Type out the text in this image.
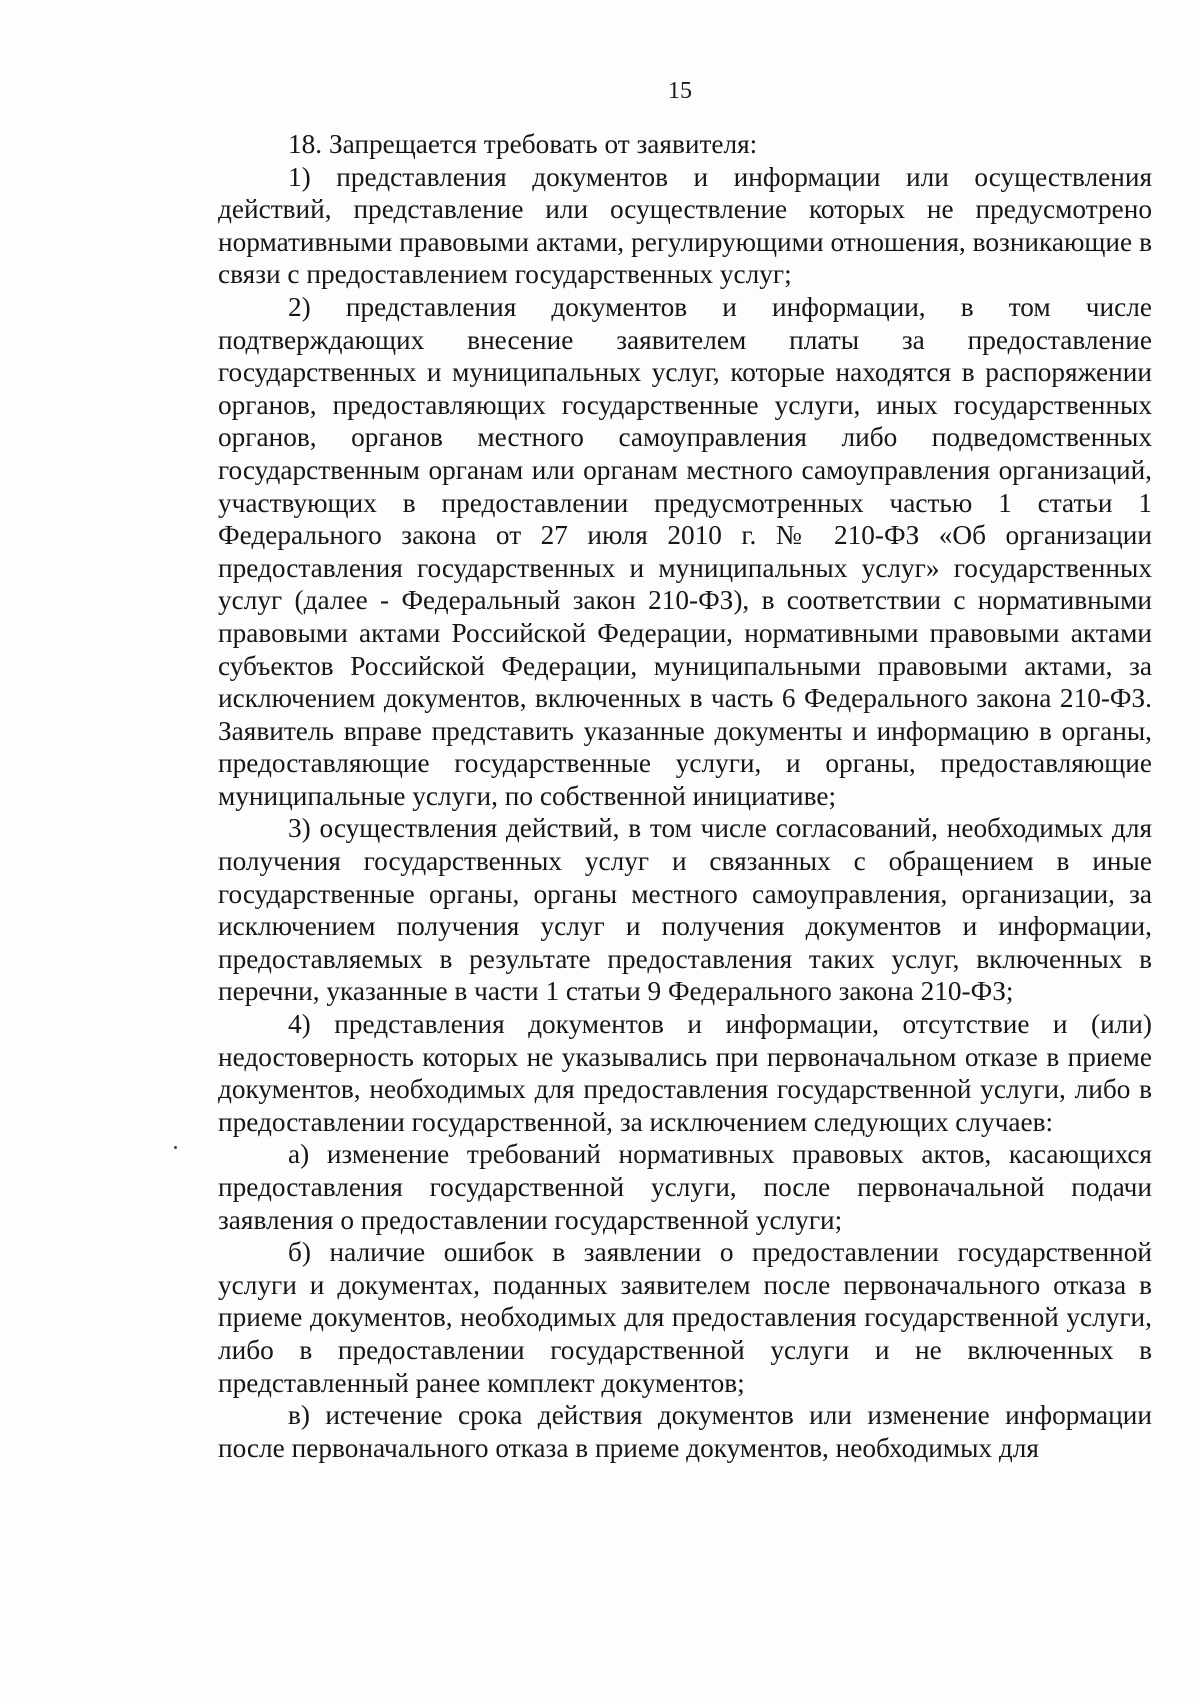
15

18. Запрещается требовать от заявителя:

1) представления документов и информации или осуществления действий, представление или осуществление которых не предусмотрено нормативными правовыми актами, регулирующими отношения, возникающие в связи с предоставлением государственных услуг;

2) представления документов и информации, в том числе подтверждающих внесение заявителем платы за предоставление государственных и муниципальных услуг, которые находятся в распоряжении органов, предоставляющих государственные услуги, иных государственных органов, органов местного самоуправления либо подведомственных государственным органам или органам местного самоуправления организаций, участвующих в предоставлении предусмотренных частью 1 статьи 1 Федерального закона от 27 июля 2010 г. № 210-ФЗ «Об организации предоставления государственных и муниципальных услуг» государственных услуг (далее - Федеральный закон 210-ФЗ), в соответствии с нормативными правовыми актами Российской Федерации, нормативными правовыми актами субъектов Российской Федерации, муниципальными правовыми актами, за исключением документов, включенных в часть 6 Федерального закона 210-ФЗ. Заявитель вправе представить указанные документы и информацию в органы, предоставляющие государственные услуги, и органы, предоставляющие муниципальные услуги, по собственной инициативе;

3) осуществления действий, в том числе согласований, необходимых для получения государственных услуг и связанных с обращением в иные государственные органы, органы местного самоуправления, организации, за исключением получения услуг и получения документов и информации, предоставляемых в результате предоставления таких услуг, включенных в перечни, указанные в части 1 статьи 9 Федерального закона 210-ФЗ;

4) представления документов и информации, отсутствие и (или) недостоверность которых не указывались при первоначальном отказе в приеме документов, необходимых для предоставления государственной услуги, либо в предоставлении государственной, за исключением следующих случаев:

а) изменение требований нормативных правовых актов, касающихся предоставления государственной услуги, после первоначальной подачи заявления о предоставлении государственной услуги;

б) наличие ошибок в заявлении о предоставлении государственной услуги и документах, поданных заявителем после первоначального отказа в приеме документов, необходимых для предоставления государственной услуги, либо в предоставлении государственной услуги и не включенных в представленный ранее комплект документов;

в) истечение срока действия документов или изменение информации после первоначального отказа в приеме документов, необходимых для
